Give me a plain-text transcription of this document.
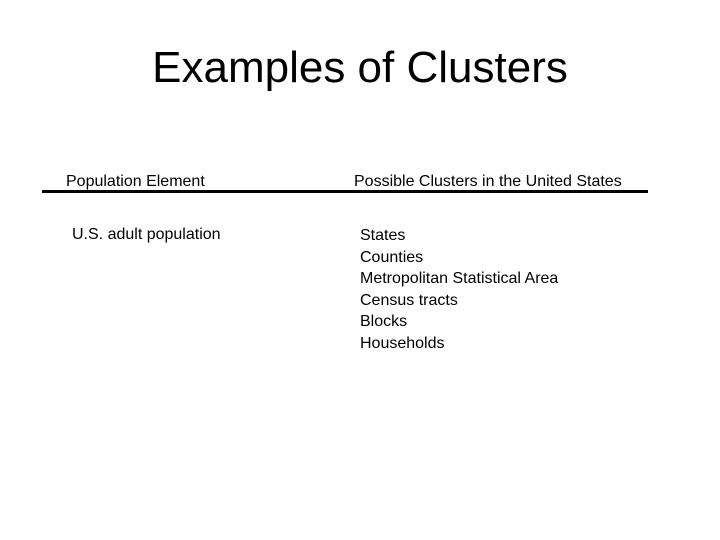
Examples of Clusters
Population Element	Possible Clusters in the United States
U.S. adult population	States
Counties
Metropolitan Statistical Area
Census tracts
Blocks
Households
